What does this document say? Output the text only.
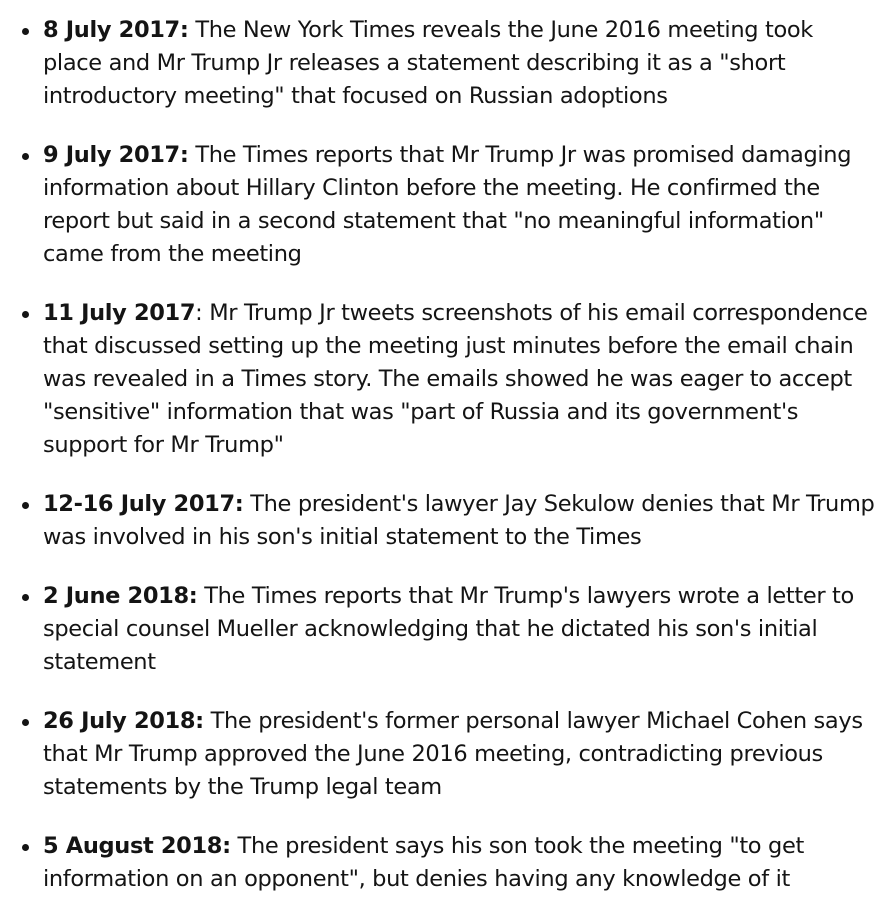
8 July 2017: The New York Times reveals the June 2016 meeting took place and Mr Trump Jr releases a statement describing it as a "short introductory meeting" that focused on Russian adoptions
9 July 2017: The Times reports that Mr Trump Jr was promised damaging information about Hillary Clinton before the meeting. He confirmed the report but said in a second statement that "no meaningful information" came from the meeting
11 July 2017: Mr Trump Jr tweets screenshots of his email correspondence that discussed setting up the meeting just minutes before the email chain was revealed in a Times story. The emails showed he was eager to accept "sensitive" information that was "part of Russia and its government's support for Mr Trump"
12-16 July 2017: The president's lawyer Jay Sekulow denies that Mr Trump was involved in his son's initial statement to the Times
2 June 2018: The Times reports that Mr Trump's lawyers wrote a letter to special counsel Mueller acknowledging that he dictated his son's initial statement
26 July 2018: The president's former personal lawyer Michael Cohen says that Mr Trump approved the June 2016 meeting, contradicting previous statements by the Trump legal team
5 August 2018: The president says his son took the meeting "to get information on an opponent", but denies having any knowledge of it
